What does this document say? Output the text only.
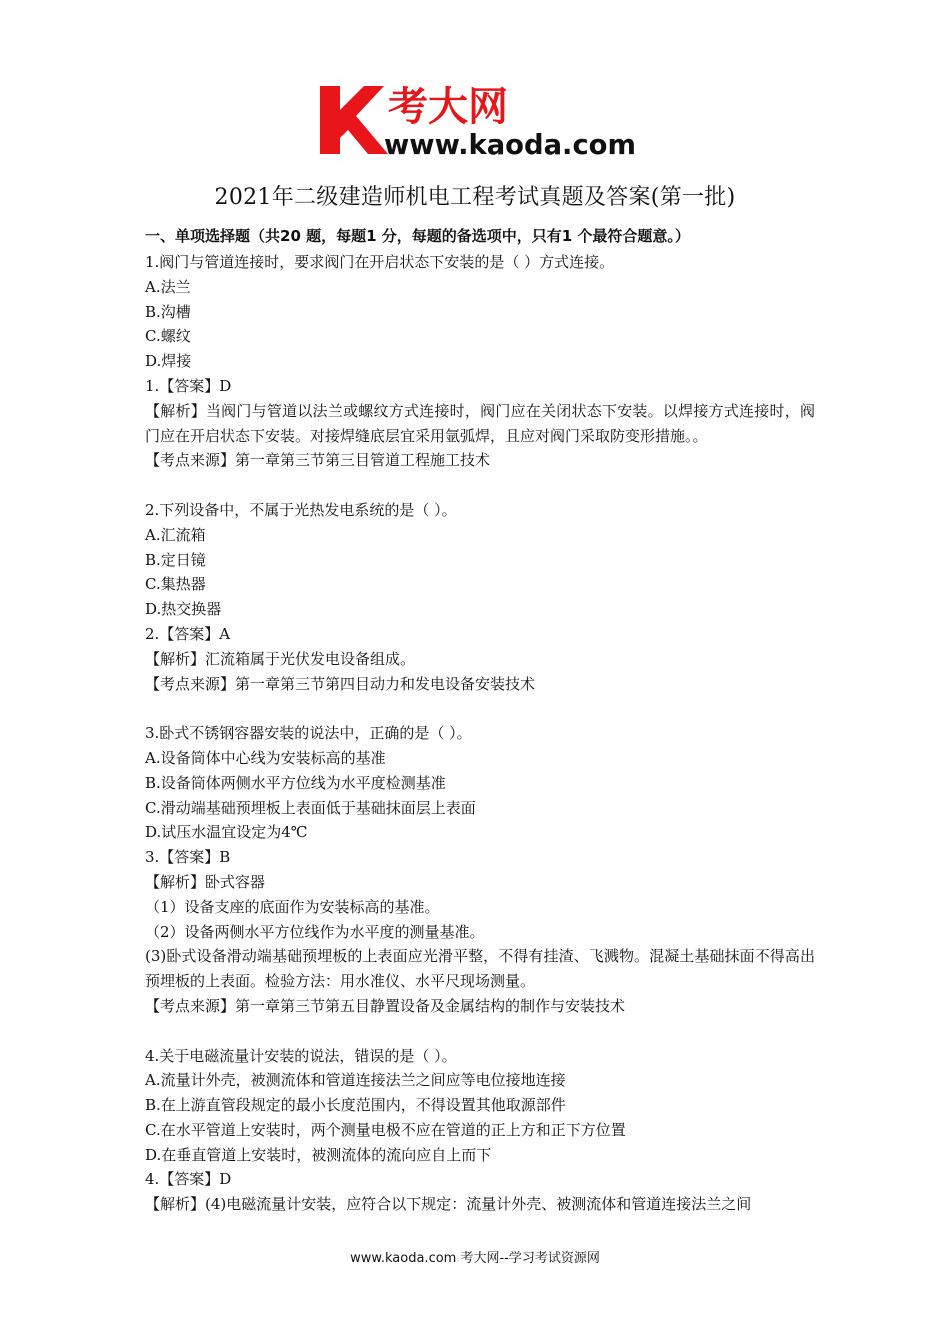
考大网
www.kaoda.com
2021年二级建造师机电工程考试真题及答案(第一批)
一、单项选择题（共20 题，每题1 分，每题的备选项中，只有1 个最符合题意。）

1.阀门与管道连接时，要求阀门在开启状态下安装的是（ ）方式连接。

A.法兰

B.沟槽

C.螺纹

D.焊接

1.【答案】D

【解析】当阀门与管道以法兰或螺纹方式连接时，阀门应在关闭状态下安装。以焊接方式连接时，阀门应在开启状态下安装。对接焊缝底层宜采用氩弧焊，且应对阀门采取防变形措施。。

【考点来源】第一章第三节第三目管道工程施工技术

2.下列设备中，不属于光热发电系统的是（ ）。

A.汇流箱

B.定日镜

C.集热器

D.热交换器

2.【答案】A

【解析】汇流箱属于光伏发电设备组成。

【考点来源】第一章第三节第四目动力和发电设备安装技术

3.卧式不锈钢容器安装的说法中，正确的是（ ）。

A.设备筒体中心线为安装标高的基准

B.设备筒体两侧水平方位线为水平度检测基准

C.滑动端基础预埋板上表面低于基础抹面层上表面

D.试压水温宜设定为4℃

3.【答案】B

【解析】卧式容器

（1）设备支座的底面作为安装标高的基准。

（2）设备两侧水平方位线作为水平度的测量基准。

(3)卧式设备滑动端基础预埋板的上表面应光滑平整，不得有挂渣、飞溅物。混凝土基础抹面不得高出预埋板的上表面。检验方法：用水准仪、水平尺现场测量。

【考点来源】第一章第三节第五目静置设备及金属结构的制作与安装技术

4.关于电磁流量计安装的说法，错误的是（ ）。

A.流量计外壳，被测流体和管道连接法兰之间应等电位接地连接

B.在上游直管段规定的最小长度范围内，不得设置其他取源部件

C.在水平管道上安装时，两个测量电极不应在管道的正上方和正下方位置

D.在垂直管道上安装时，被测流体的流向应自上而下

4.【答案】D

【解析】(4)电磁流量计安装，应符合以下规定：流量计外壳、被测流体和管道连接法兰之间

www.kaoda.com 考大网--学习考试资源网
